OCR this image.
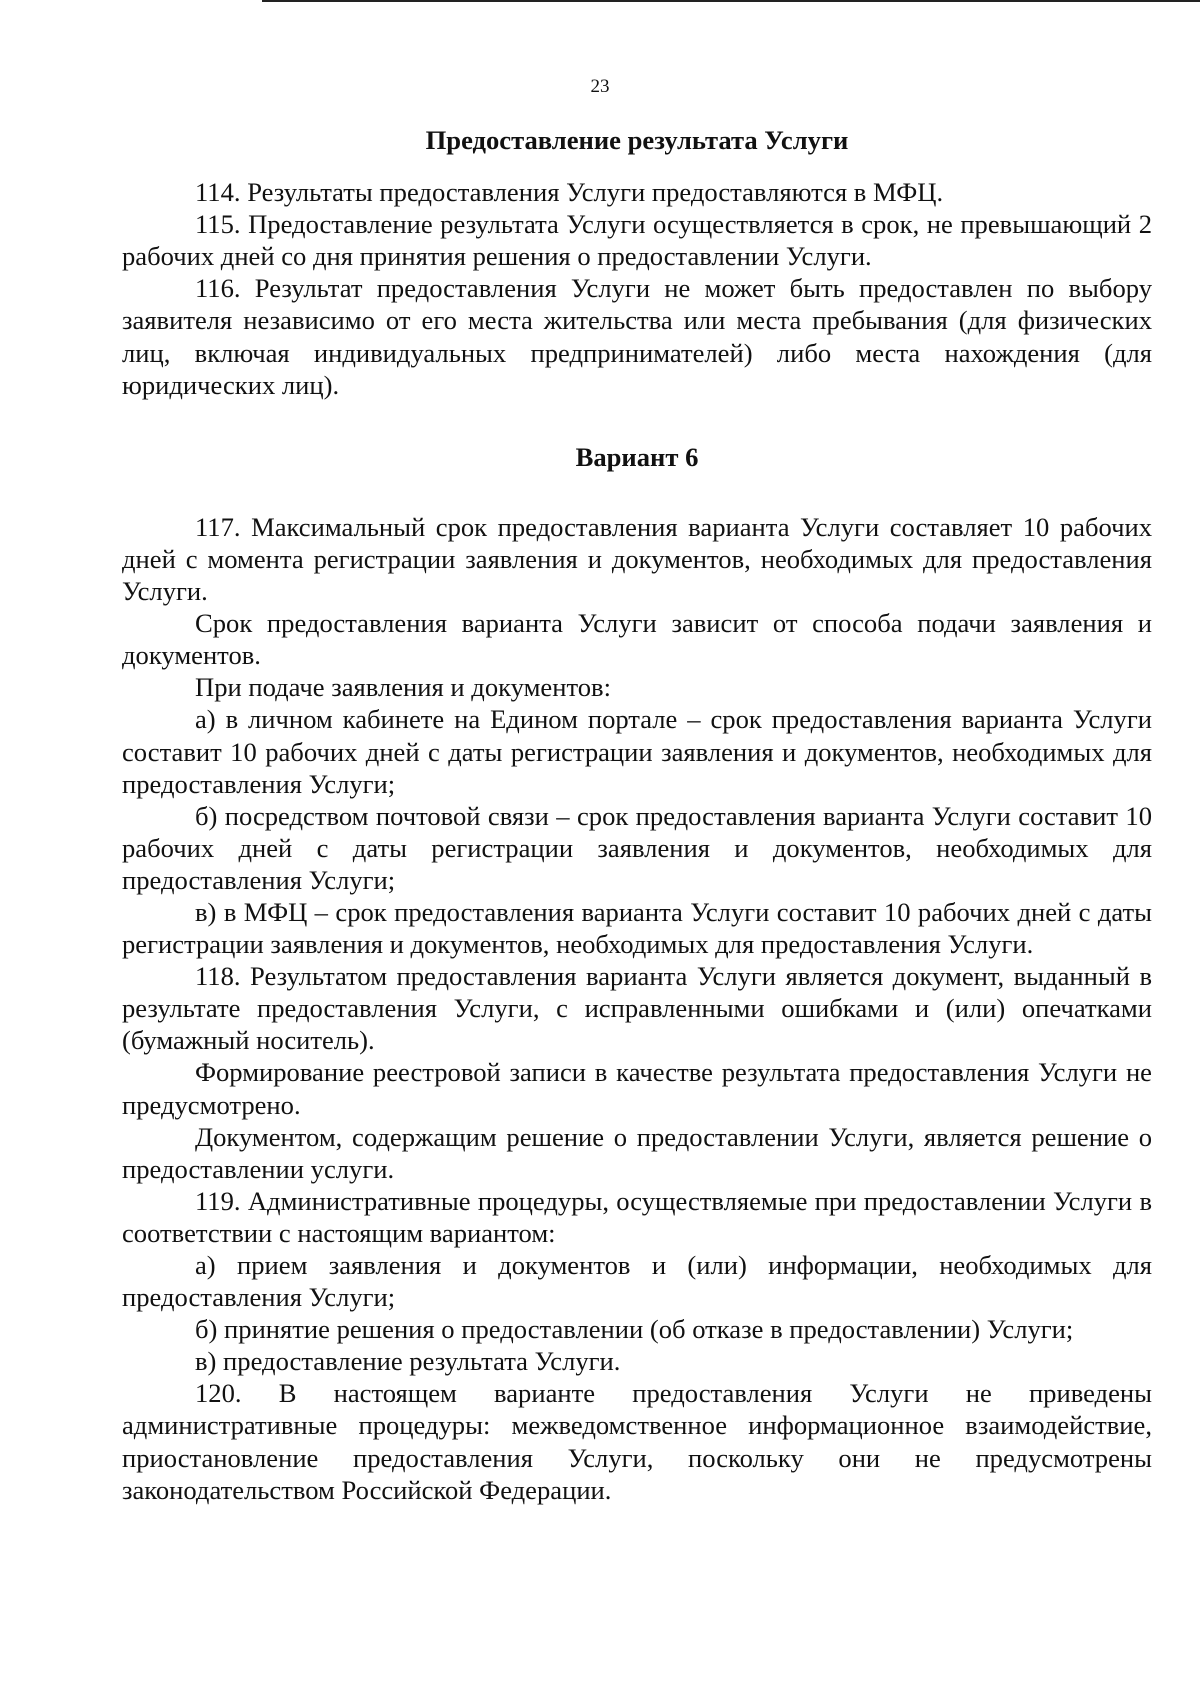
23
Предоставление результата Услуги

114. Результаты предоставления Услуги предоставляются в МФЦ.

115. Предоставление результата Услуги осуществляется в срок, не превышающий 2 рабочих дней со дня принятия решения о предоставлении Услуги.

116. Результат предоставления Услуги не может быть предоставлен по выбору заявителя независимо от его места жительства или места пребывания (для физических лиц, включая индивидуальных предпринимателей) либо места нахождения (для юридических лиц).

Вариант 6

117. Максимальный срок предоставления варианта Услуги составляет 10 рабочих дней с момента регистрации заявления и документов, необходимых для предоставления Услуги.

Срок предоставления варианта Услуги зависит от способа подачи заявления и документов.

При подаче заявления и документов:

а) в личном кабинете на Едином портале – срок предоставления варианта Услуги составит 10 рабочих дней с даты регистрации заявления и документов, необходимых для предоставления Услуги;

б) посредством почтовой связи – срок предоставления варианта Услуги составит 10 рабочих дней с даты регистрации заявления и документов, необходимых для предоставления Услуги;

в) в МФЦ – срок предоставления варианта Услуги составит 10 рабочих дней с даты регистрации заявления и документов, необходимых для предоставления Услуги.

118. Результатом предоставления варианта Услуги является документ, выданный в результате предоставления Услуги, с исправленными ошибками и (или) опечатками (бумажный носитель).

Формирование реестровой записи в качестве результата предоставления Услуги не предусмотрено.

Документом, содержащим решение о предоставлении Услуги, является решение о предоставлении услуги.

119. Административные процедуры, осуществляемые при предоставлении Услуги в соответствии с настоящим вариантом:

а) прием заявления и документов и (или) информации, необходимых для предоставления Услуги;

б) принятие решения о предоставлении (об отказе в предоставлении) Услуги;

в) предоставление результата Услуги.

120. В настоящем варианте предоставления Услуги не приведены административные процедуры: межведомственное информационное взаимодействие, приостановление предоставления Услуги, поскольку они не предусмотрены законодательством Российской Федерации.
